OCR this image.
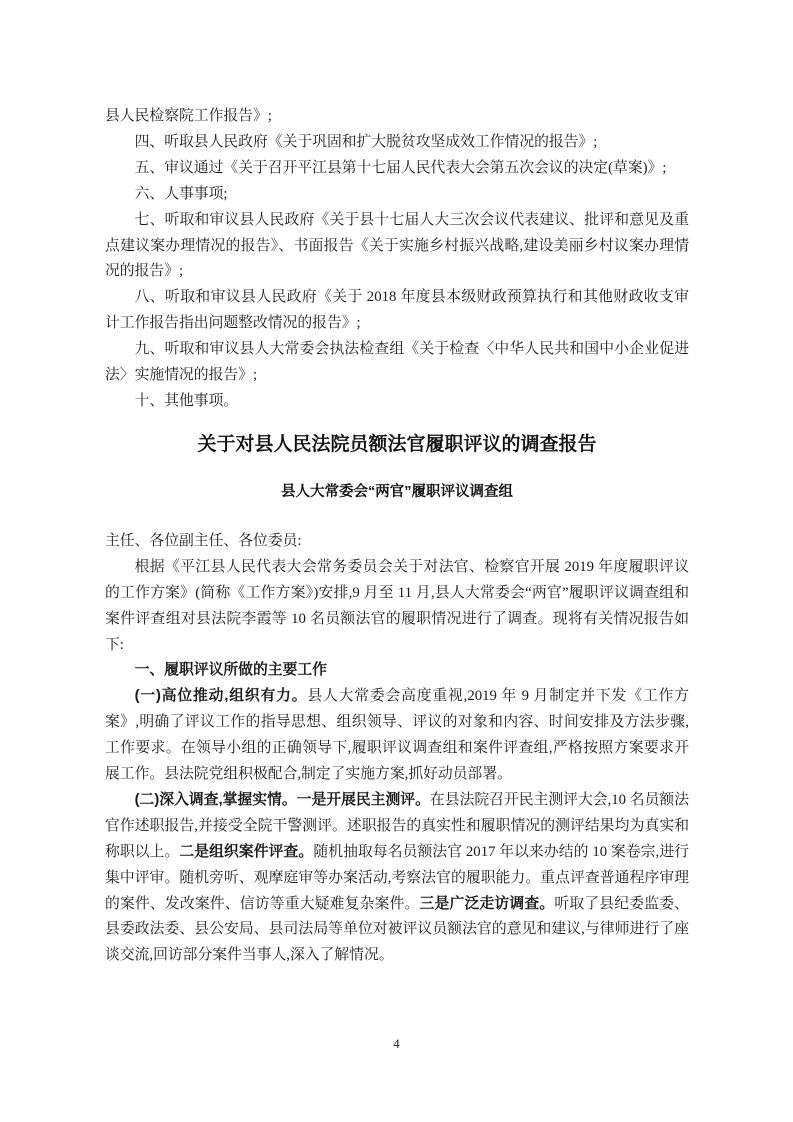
县人民检察院工作报告》;

四、听取县人民政府《关于巩固和扩大脱贫攻坚成效工作情况的报告》;

五、审议通过《关于召开平江县第十七届人民代表大会第五次会议的决定(草案)》;

六、人事事项;

七、听取和审议县人民政府《关于县十七届人大三次会议代表建议、批评和意见及重点建议案办理情况的报告》、书面报告《关于实施乡村振兴战略,建设美丽乡村议案办理情况的报告》;

八、听取和审议县人民政府《关于 2018 年度县本级财政预算执行和其他财政收支审计工作报告指出问题整改情况的报告》;

九、听取和审议县人大常委会执法检查组《关于检查〈中华人民共和国中小企业促进法〉实施情况的报告》;

十、其他事项。

关于对县人民法院员额法官履职评议的调查报告
县人大常委会“两官”履职评议调查组

主任、各位副主任、各位委员:

根据《平江县人民代表大会常务委员会关于对法官、检察官开展 2019 年度履职评议的工作方案》(简称《工作方案》)安排,9 月至 11 月,县人大常委会“两官”履职评议调查组和案件评查组对县法院李霞等 10 名员额法官的履职情况进行了调查。现将有关情况报告如下:

一、履职评议所做的主要工作

(一)高位推动,组织有力。县人大常委会高度重视,2019 年 9 月制定并下发《工作方案》,明确了评议工作的指导思想、组织领导、评议的对象和内容、时间安排及方法步骤,工作要求。在领导小组的正确领导下,履职评议调查组和案件评查组,严格按照方案要求开展工作。县法院党组积极配合,制定了实施方案,抓好动员部署。

(二)深入调查,掌握实情。一是开展民主测评。在县法院召开民主测评大会,10 名员额法官作述职报告,并接受全院干警测评。述职报告的真实性和履职情况的测评结果均为真实和称职以上。二是组织案件评查。随机抽取每名员额法官 2017 年以来办结的 10 案卷宗,进行集中评审。随机旁听、观摩庭审等办案活动,考察法官的履职能力。重点评查普通程序审理的案件、发改案件、信访等重大疑难复杂案件。三是广泛走访调查。听取了县纪委监委、县委政法委、县公安局、县司法局等单位对被评议员额法官的意见和建议,与律师进行了座谈交流,回访部分案件当事人,深入了解情况。

4
